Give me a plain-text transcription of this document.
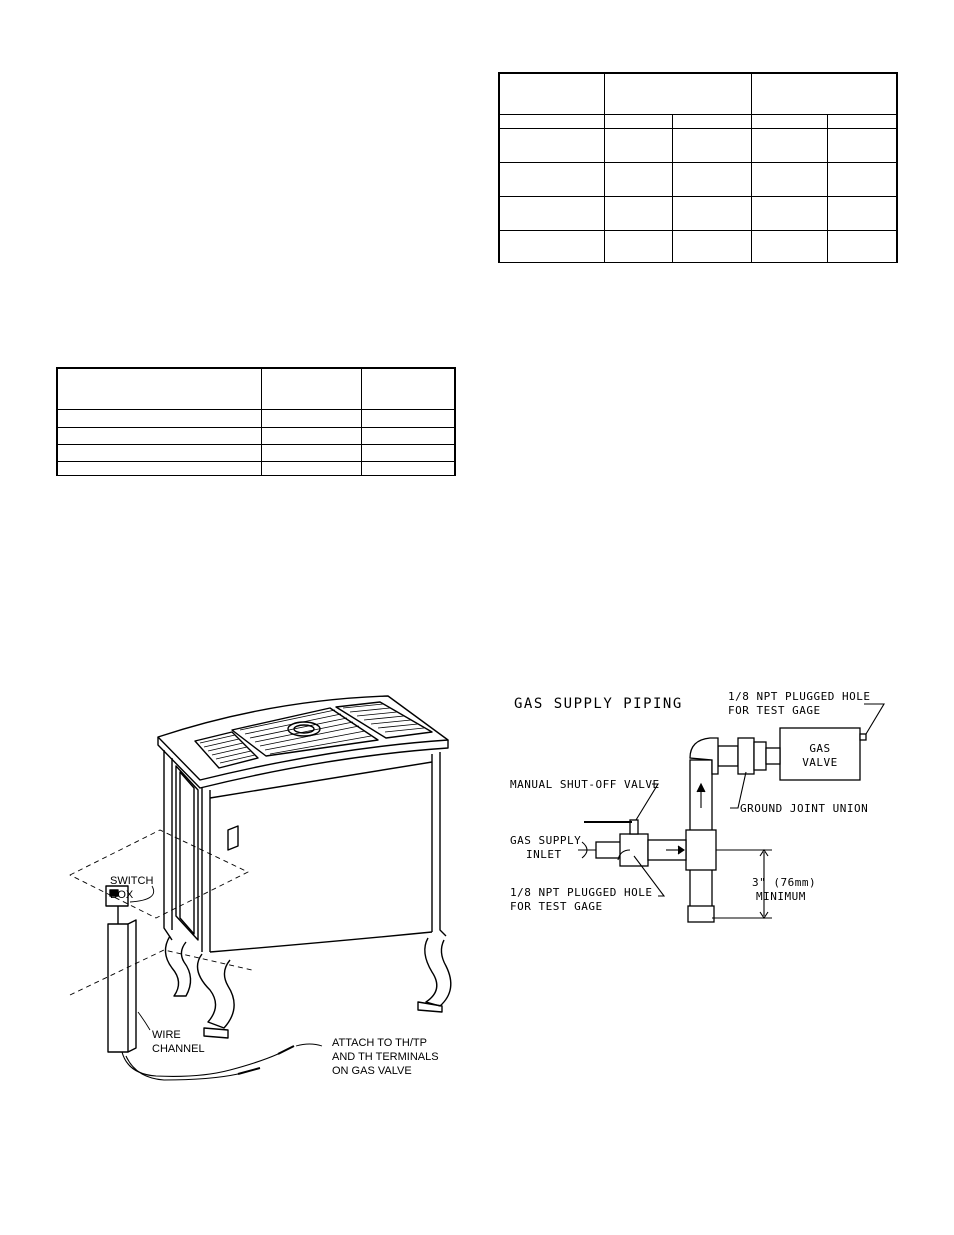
SWITCH
BOX
WIRE
CHANNEL	ATTACH TO TH/TP
AND TH TERMINALS
ON GAS VALVE
GAS SUPPLY PIPING	1/8 NPT PLUGGED HOLE
FOR TEST GAGE
GAS
VALVE
MANUAL SHUT-OFF VALVE
GROUND JOINT UNION
GAS SUPPLY
INLET
1/8 NPT PLUGGED HOLE
FOR TEST GAGE
3" (76mm)
MINIMUM
